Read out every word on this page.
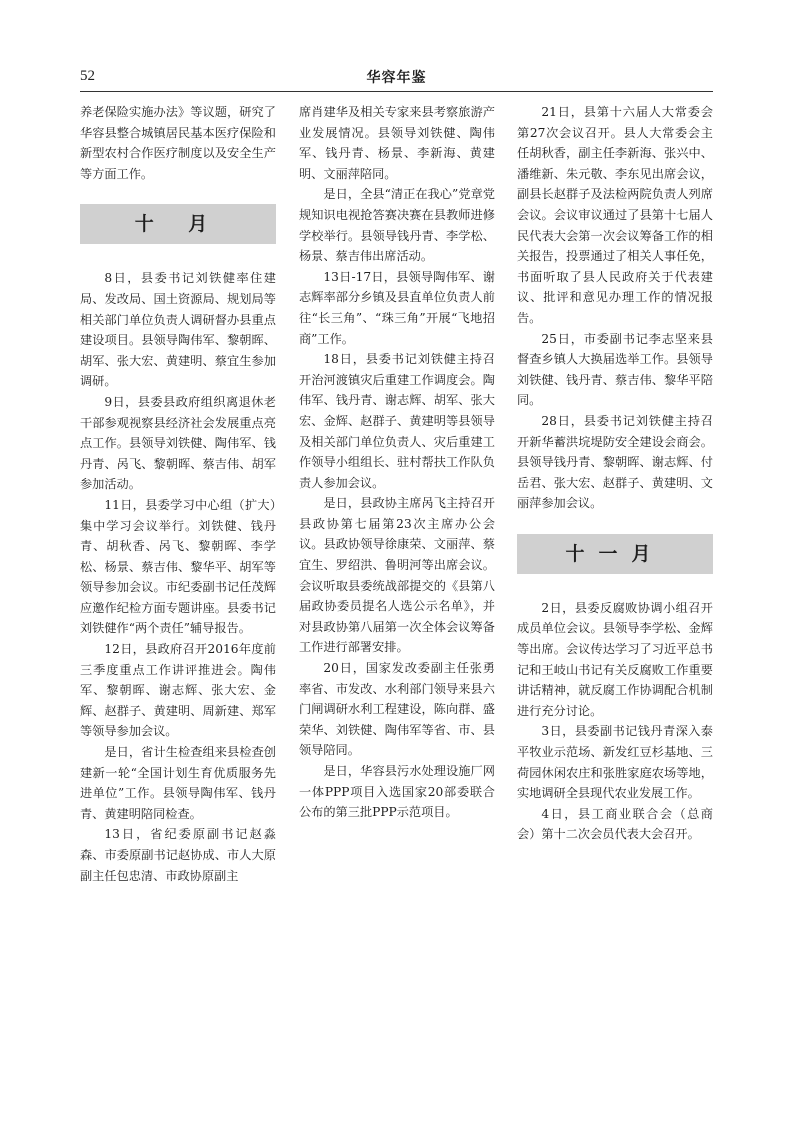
52	华容年鉴

养老保险实施办法》等议题，研究了华容县整合城镇居民基本医疗保险和新型农村合作医疗制度以及安全生产等方面工作。

十 月

8日，县委书记刘铁健率住建局、发改局、国土资源局、规划局等相关部门单位负责人调研督办县重点建设项目。县领导陶伟军、黎朝晖、胡军、张大宏、黄建明、蔡宜生参加调研。

9日，县委县政府组织离退休老干部参观视察县经济社会发展重点亮点工作。县领导刘铁健、陶伟军、钱丹青、呙飞、黎朝晖、蔡吉伟、胡军参加活动。

11日，县委学习中心组（扩大）集中学习会议举行。刘铁健、钱丹青、胡秋香、呙飞、黎朝晖、李学松、杨景、蔡吉伟、黎华平、胡军等领导参加会议。市纪委副书记任茂辉应邀作纪检方面专题讲座。县委书记刘铁健作“两个责任”辅导报告。

12日，县政府召开2016年度前三季度重点工作讲评推进会。陶伟军、黎朝晖、谢志辉、张大宏、金辉、赵群子、黄建明、周新建、郑军等领导参加会议。

是日，省计生检查组来县检查创建新一轮“全国计划生育优质服务先进单位”工作。县领导陶伟军、钱丹青、黄建明陪同检查。

13日，省纪委原副书记赵淼森、市委原副书记赵协成、市人大原副主任包忠清、市政协原副主

席肖建华及相关专家来县考察旅游产业发展情况。县领导刘铁健、陶伟军、钱丹青、杨景、李新海、黄建明、文丽萍陪同。

是日，全县“清正在我心”党章党规知识电视抢答赛决赛在县教师进修学校举行。县领导钱丹青、李学松、杨景、蔡吉伟出席活动。

13日-17日，县领导陶伟军、谢志辉率部分乡镇及县直单位负责人前往“长三角”、“珠三角”开展“飞地招商”工作。

18日，县委书记刘铁健主持召开治河渡镇灾后重建工作调度会。陶伟军、钱丹青、谢志辉、胡军、张大宏、金辉、赵群子、黄建明等县领导及相关部门单位负责人、灾后重建工作领导小组组长、驻村帮扶工作队负责人参加会议。

是日，县政协主席呙飞主持召开县政协第七届第23次主席办公会议。县政协领导徐康荣、文丽萍、蔡宜生、罗绍洪、鲁明河等出席会议。会议听取县委统战部提交的《县第八届政协委员提名人选公示名单》，并对县政协第八届第一次全体会议筹备工作进行部署安排。

20日，国家发改委副主任张勇率省、市发改、水利部门领导来县六门闸调研水利工程建设，陈向群、盛荣华、刘铁健、陶伟军等省、市、县领导陪同。

是日，华容县污水处理设施厂网一体PPP项目入选国家20部委联合公布的第三批PPP示范项目。

21日，县第十六届人大常委会第27次会议召开。县人大常委会主任胡秋香，副主任李新海、张兴中、潘维新、朱元敬、李东见出席会议，副县长赵群子及法检两院负责人列席会议。会议审议通过了县第十七届人民代表大会第一次会议筹备工作的相关报告，投票通过了相关人事任免，书面听取了县人民政府关于代表建议、批评和意见办理工作的情况报告。

25日，市委副书记李志坚来县督查乡镇人大换届选举工作。县领导刘铁健、钱丹青、蔡吉伟、黎华平陪同。

28日，县委书记刘铁健主持召开新华蓄洪垸堤防安全建设会商会。县领导钱丹青、黎朝晖、谢志辉、付岳君、张大宏、赵群子、黄建明、文丽萍参加会议。

十一月

2日，县委反腐败协调小组召开成员单位会议。县领导李学松、金辉等出席。会议传达学习了习近平总书记和王岐山书记有关反腐败工作重要讲话精神，就反腐工作协调配合机制进行充分讨论。

3日，县委副书记钱丹青深入泰平牧业示范场、新发红豆杉基地、三荷园休闲农庄和张胜家庭农场等地，实地调研全县现代农业发展工作。

4日，县工商业联合会（总商会）第十二次会员代表大会召开。
